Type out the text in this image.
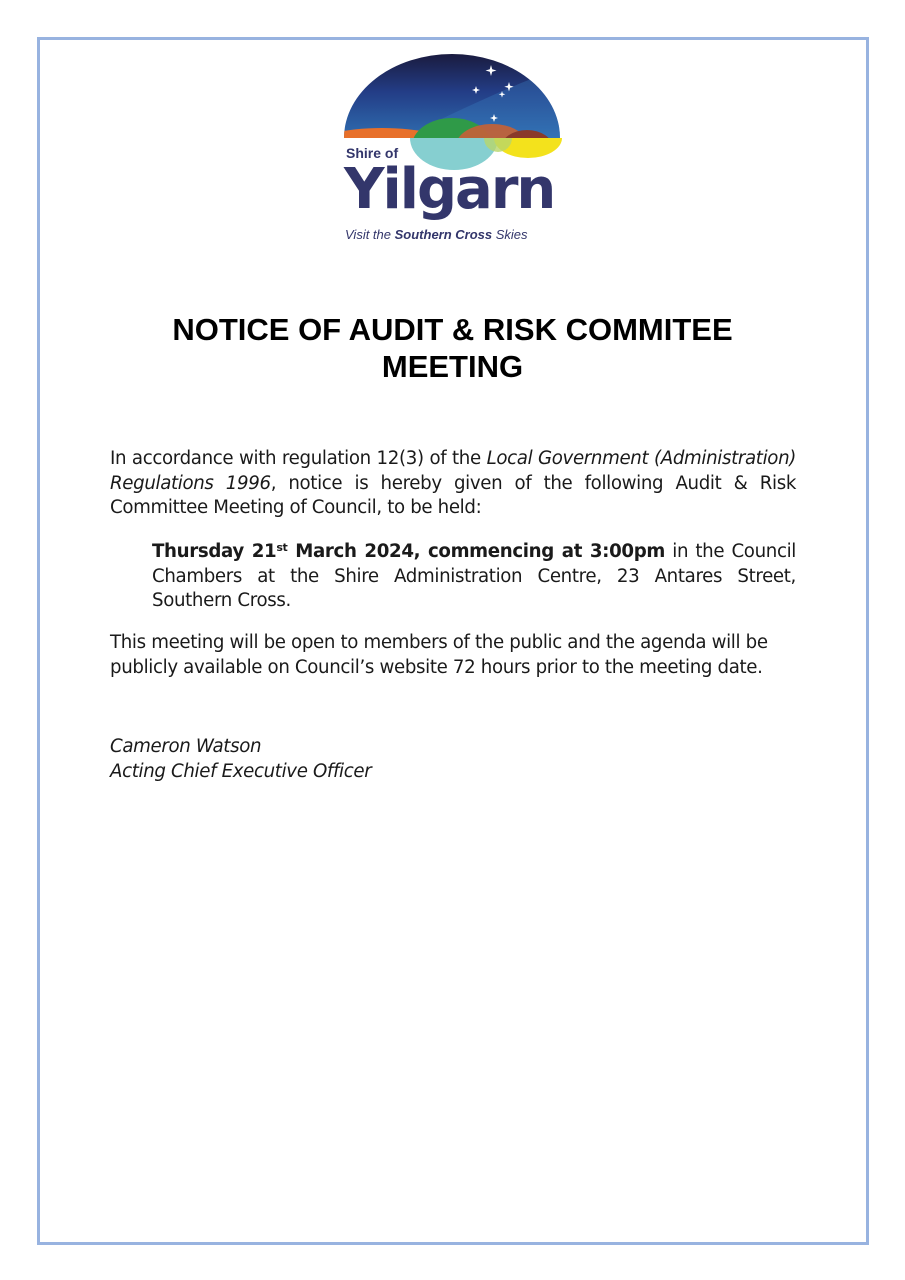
Shire of
Yilgarn
Visit the Southern Cross Skies
NOTICE OF AUDIT & RISK COMMITEE
MEETING

In accordance with regulation 12(3) of the Local Government (Administration) Regulations 1996, notice is hereby given of the following Audit & Risk Committee Meeting of Council, to be held:

Thursday 21st March 2024, commencing at 3:00pm in the Council Chambers at the Shire Administration Centre, 23 Antares Street, Southern Cross.

This meeting will be open to members of the public and the agenda will be publicly available on Council’s website 72 hours prior to the meeting date.

Cameron Watson
Acting Chief Executive Officer
